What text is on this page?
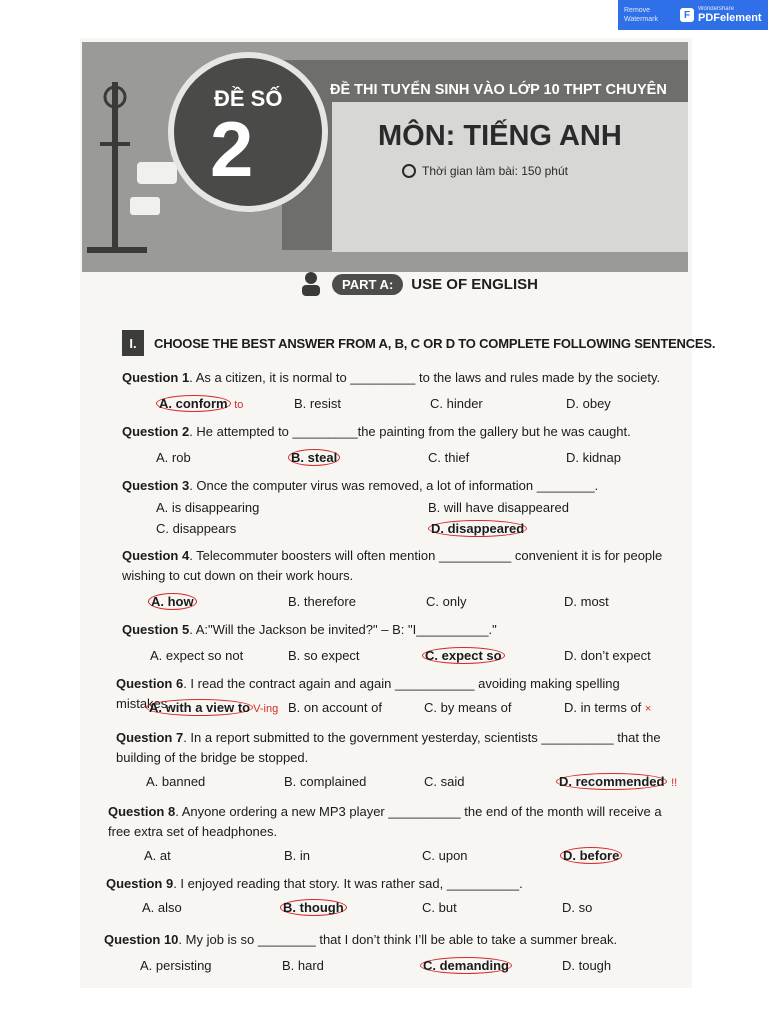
Remove Watermark	F
Wondershare
PDFelement
ĐỀ SỐ
2
ĐỀ THI TUYỂN SINH VÀO LỚP 10 THPT CHUYÊN
MÔN: TIẾNG ANH
Thời gian làm bài: 150 phút
PART A:	USE OF ENGLISH
I.	CHOOSE THE BEST ANSWER FROM A, B, C OR D TO COMPLETE FOLLOWING SENTENCES.
Question 1. As a citizen, it is normal to _________ to the laws and rules made by the society.
A. conform to	B. resist	C. hinder	D. obey
Question 2. He attempted to _________the painting from the gallery but he was caught.
A. rob	B. steal	C. thief	D. kidnap
Question 3. Once the computer virus was removed, a lot of information ________.
A. is disappearing	B. will have disappeared
C. disappears	D. disappeared
Question 4. Telecommuter boosters will often mention __________ convenient it is for people wishing to cut down on their work hours.
A. how	B. therefore	C. only	D. most
Question 5. A:"Will the Jackson be invited?" – B: "I__________."
A. expect so not	B. so expect	C. expect so	D. don’t expect
Question 6. I read the contract again and again ___________ avoiding making spelling mistakes.
A. with a view to V-ing B. on account of	C. by means of	D. in terms of ×
Question 7. In a report submitted to the government yesterday, scientists __________ that the building of the bridge be stopped.
A. banned	B. complained	C. said	D. recommended !!
Question 8. Anyone ordering a new MP3 player __________ the end of the month will receive a free extra set of headphones.
A. at	B. in	C. upon	D. before
Question 9. I enjoyed reading that story. It was rather sad, __________.
A. also	B. though	C. but	D. so
Question 10. My job is so ________ that I don’t think I’ll be able to take a summer break.
A. persisting	B. hard	C. demanding	D. tough
